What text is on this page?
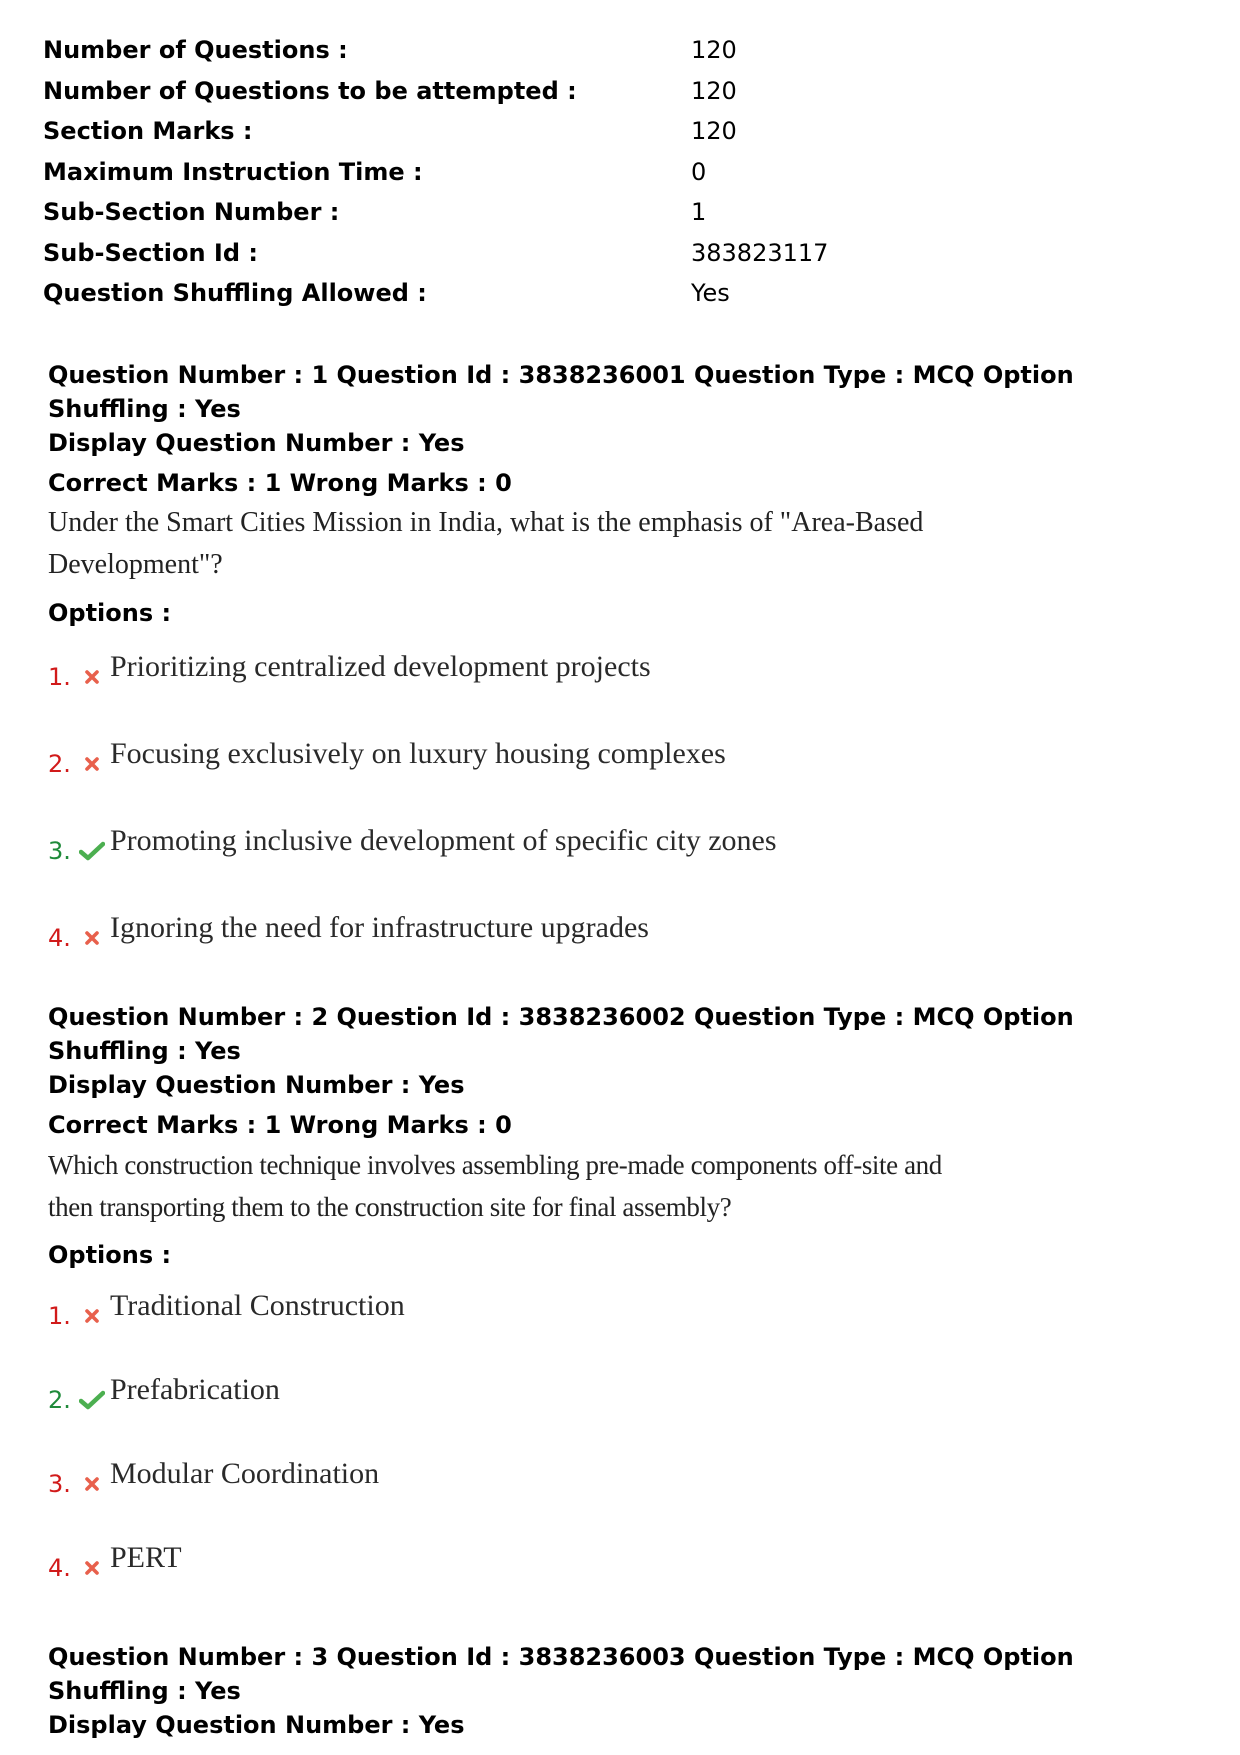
Number of Questions :	120
Number of Questions to be attempted :	120
Section Marks :	120
Maximum Instruction Time :	0
Sub-Section Number :	1
Sub-Section Id :	383823117
Question Shuffling Allowed :	Yes
Question Number : 1 Question Id : 3838236001 Question Type : MCQ Option Shuffling : Yes
Display Question Number : Yes
Correct Marks : 1 Wrong Marks : 0
Under the Smart Cities Mission in India, what is the emphasis of "Area-Based
Development"?
Options :
1. Prioritizing centralized development projects
2. Focusing exclusively on luxury housing complexes
3. Promoting inclusive development of specific city zones
4. Ignoring the need for infrastructure upgrades
Question Number : 2 Question Id : 3838236002 Question Type : MCQ Option Shuffling : Yes
Display Question Number : Yes
Correct Marks : 1 Wrong Marks : 0
Which construction technique involves assembling pre-made components off-site and
then transporting them to the construction site for final assembly?
Options :
1. Traditional Construction
2. Prefabrication
3. Modular Coordination
4. PERT
Question Number : 3 Question Id : 3838236003 Question Type : MCQ Option Shuffling : Yes
Display Question Number : Yes
